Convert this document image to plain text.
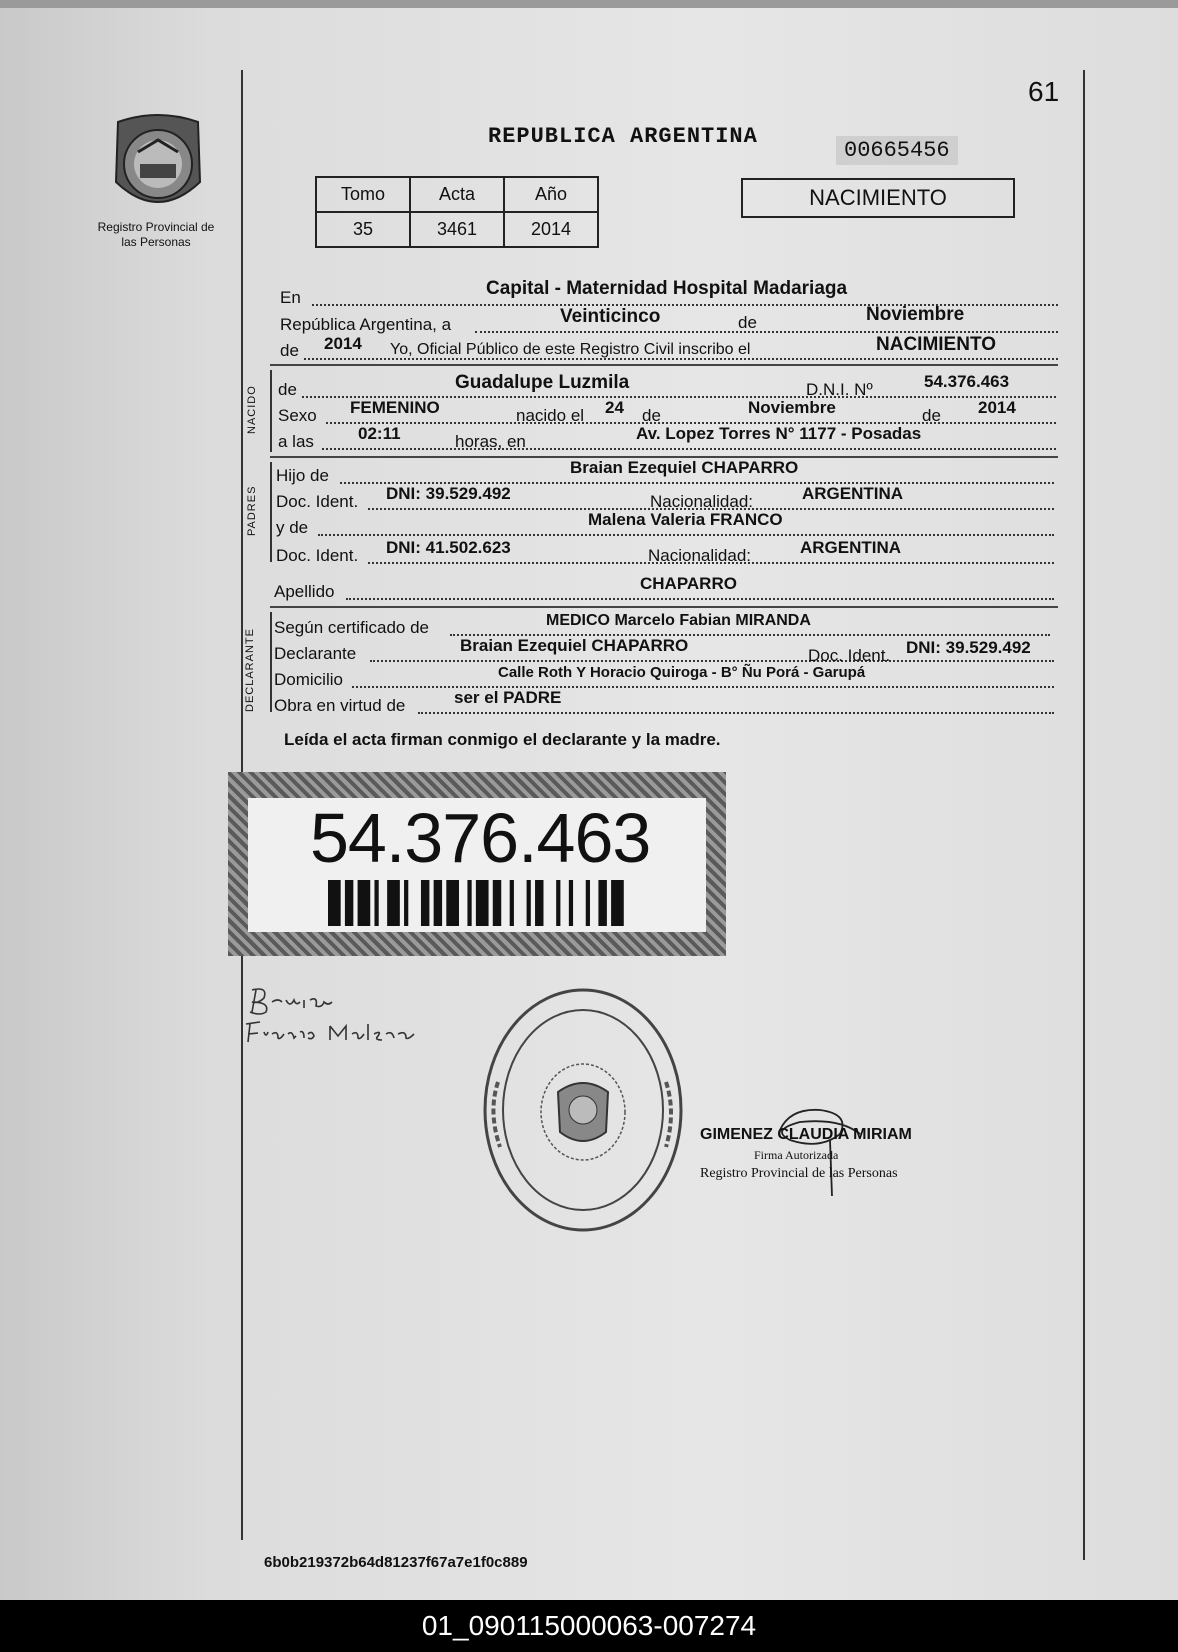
61
Registro Provincial de las Personas
REPUBLICA ARGENTINA
00665456
Tomo	Acta	Año
35	3461	2014
NACIMIENTO
En	Capital - Maternidad Hospital Madariaga
República Argentina, a	Veinticinco	de	Noviembre
de 2014 Yo, Oficial Público de este Registro Civil inscribo el	NACIMIENTO
NACIDO de	Guadalupe Luzmila	D.N.I. Nº	54.376.463
Sexo FEMENINO	nacido el 24 de	Noviembre	de 2014
a las	02:11	horas, en	Av. Lopez Torres N° 1177 - Posadas
PADRES
Hijo de	Braian Ezequiel CHAPARRO
Doc. Ident. DNI: 39.529.492	Nacionalidad:	ARGENTINA
y de	Malena Valeria FRANCO
Doc. Ident. DNI: 41.502.623	Nacionalidad:	ARGENTINA
Apellido	CHAPARRO
DECLARANTE
Según certificado de	MEDICO Marcelo Fabian MIRANDA
Declarante	Braian Ezequiel CHAPARRO
Doc. Ident. DNI: 39.529.492
Domicilio	Calle Roth Y Horacio Quiroga - B° Ñu Porá - Garupá
Obra en virtud de	ser el PADRE
Leída el acta firman conmigo el declarante y la madre.
54.376.463
GIMENEZ CLAUDIA MIRIAM
Firma Autorizada
Registro Provincial de las Personas
6b0b219372b64d81237f67a7e1f0c889
01_090115000063-007274
